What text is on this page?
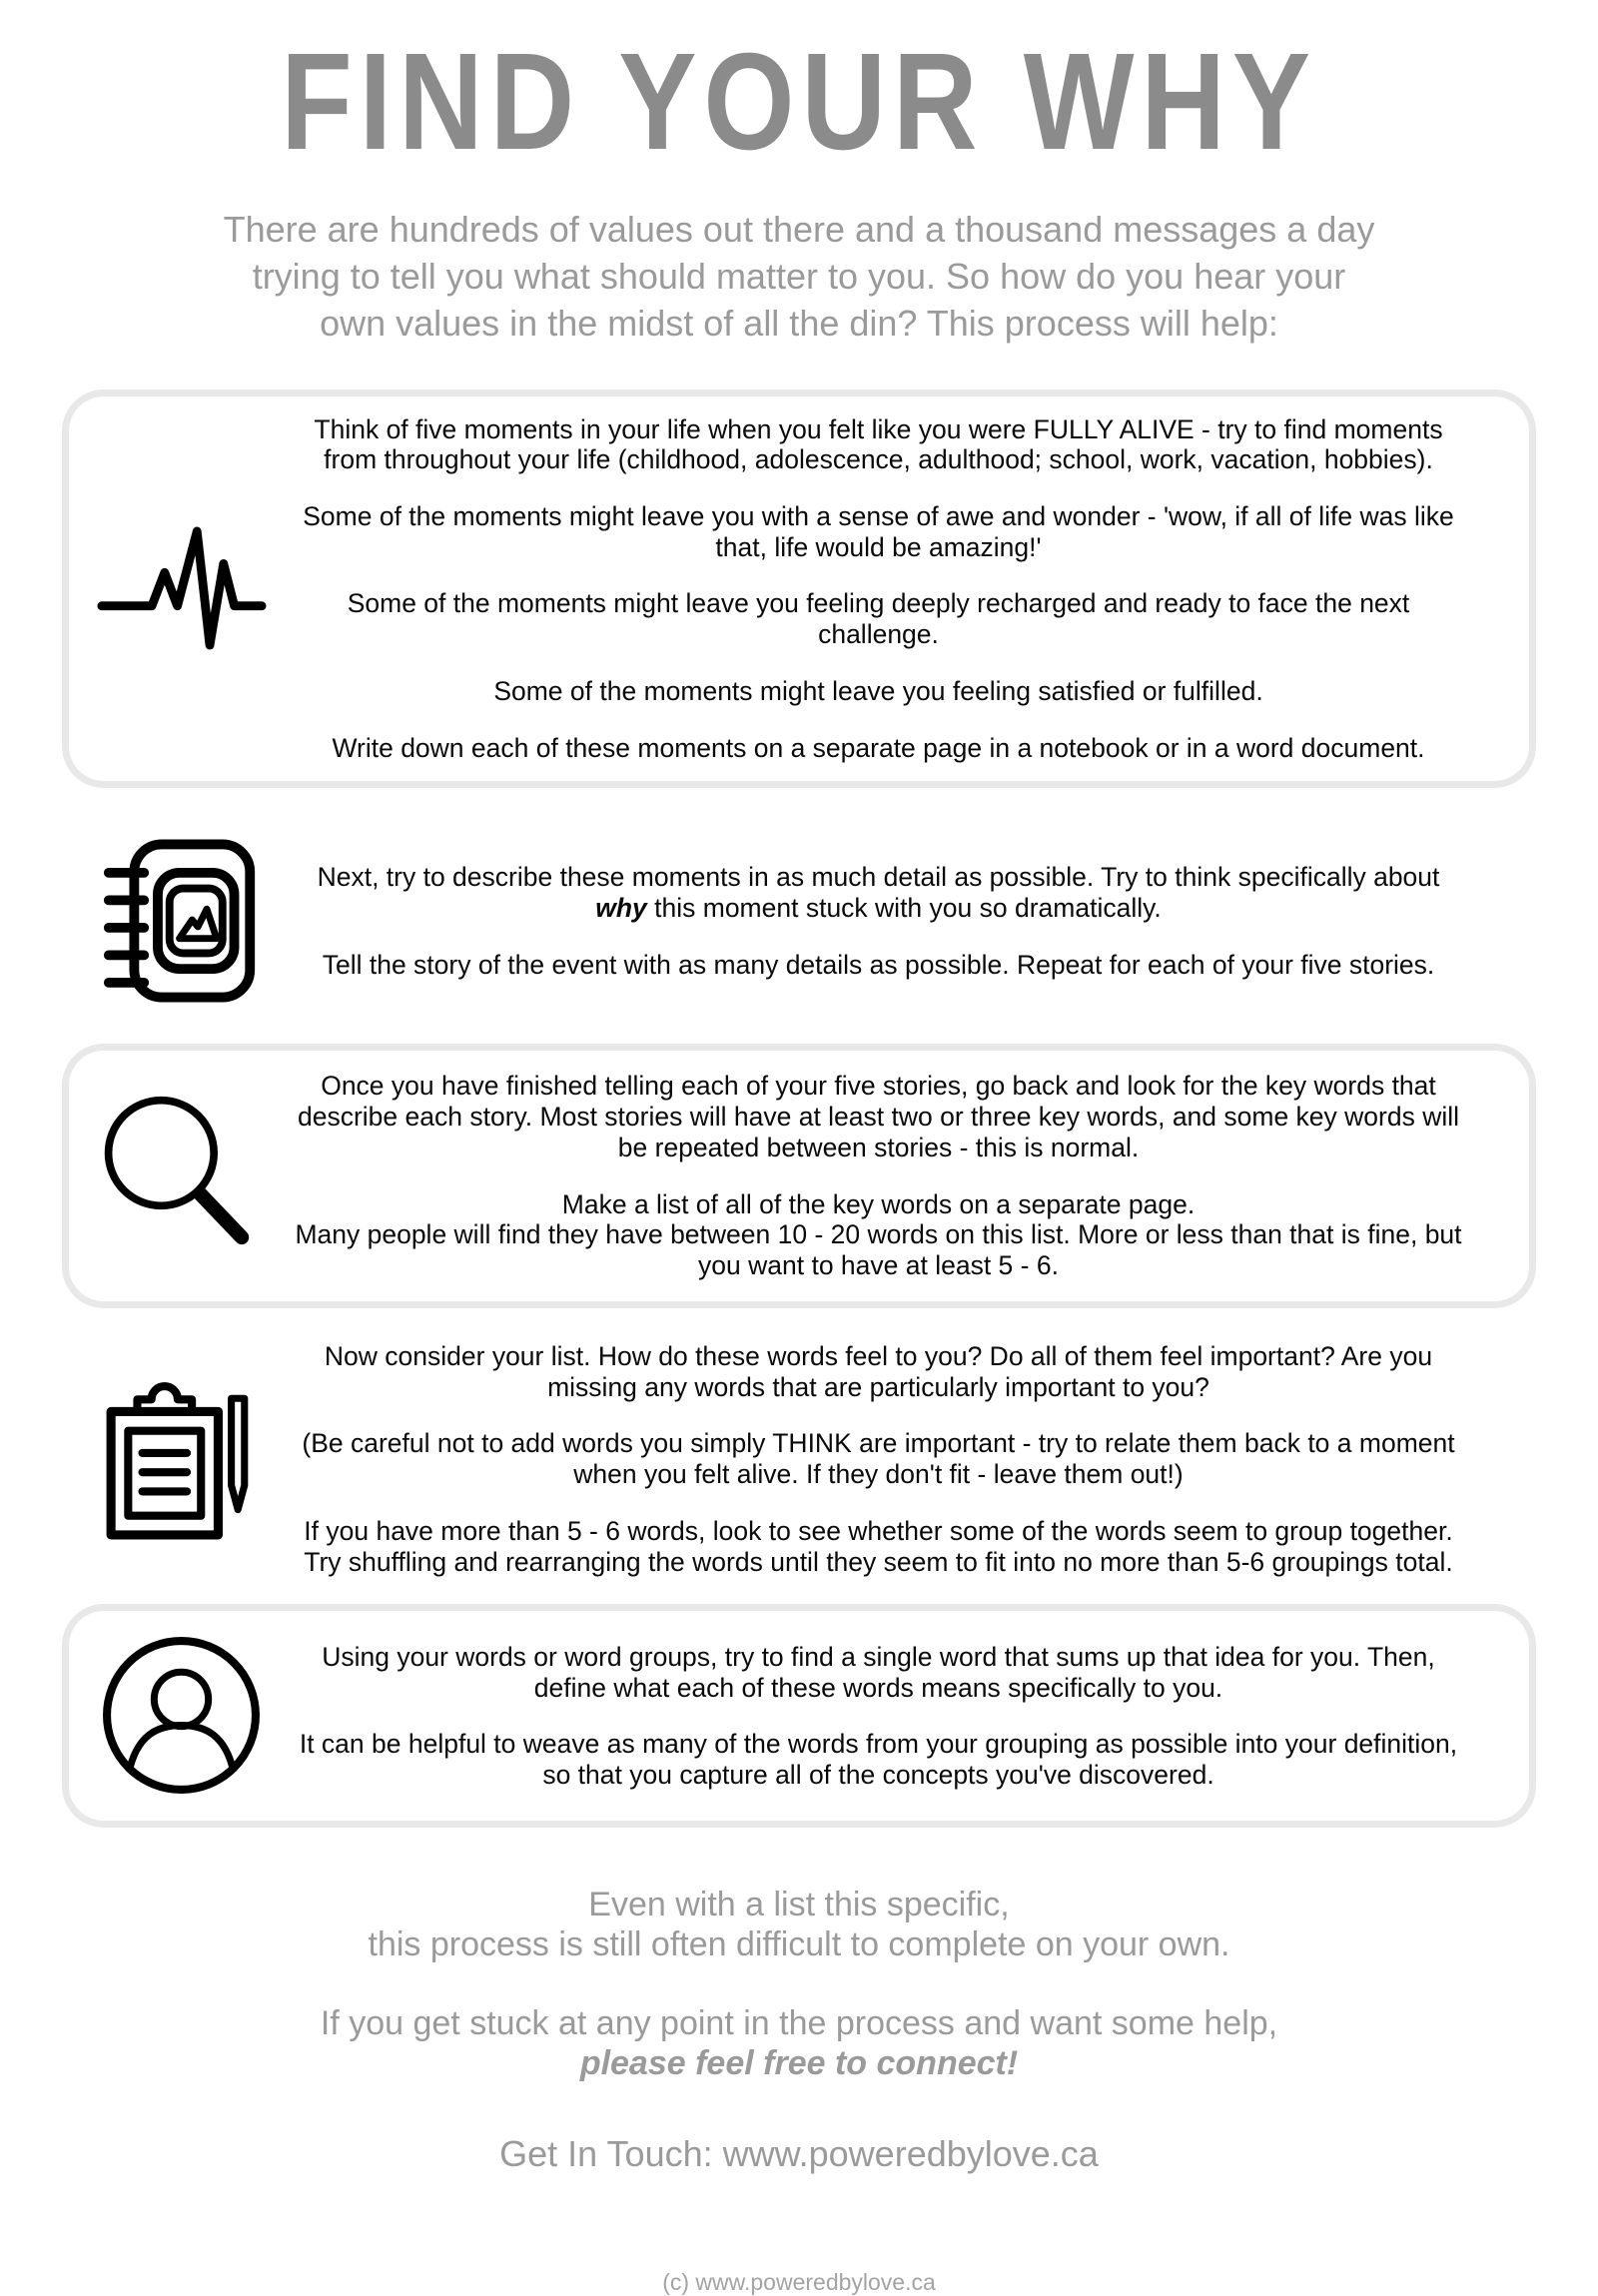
FIND YOUR WHY

There are hundreds of values out there and a thousand messages a day trying to tell you what should matter to you. So how do you hear your own values in the midst of all the din? This process will help:

Think of five moments in your life when you felt like you were FULLY ALIVE - try to find moments from throughout your life (childhood, adolescence, adulthood; school, work, vacation, hobbies).

Some of the moments might leave you with a sense of awe and wonder - 'wow, if all of life was like that, life would be amazing!'

Some of the moments might leave you feeling deeply recharged and ready to face the next challenge.

Some of the moments might leave you feeling satisfied or fulfilled.

Write down each of these moments on a separate page in a notebook or in a word document.

Next, try to describe these moments in as much detail as possible. Try to think specifically about why this moment stuck with you so dramatically.

Tell the story of the event with as many details as possible. Repeat for each of your five stories.

Once you have finished telling each of your five stories, go back and look for the key words that describe each story. Most stories will have at least two or three key words, and some key words will be repeated between stories - this is normal.

Make a list of all of the key words on a separate page.

Many people will find they have between 10 - 20 words on this list. More or less than that is fine, but you want to have at least 5 - 6.

Now consider your list. How do these words feel to you? Do all of them feel important? Are you missing any words that are particularly important to you?

(Be careful not to add words you simply THINK are important - try to relate them back to a moment when you felt alive. If they don't fit - leave them out!)

If you have more than 5 - 6 words, look to see whether some of the words seem to group together. Try shuffling and rearranging the words until they seem to fit into no more than 5-6 groupings total.

Using your words or word groups, try to find a single word that sums up that idea for you. Then, define what each of these words means specifically to you.

It can be helpful to weave as many of the words from your grouping as possible into your definition, so that you capture all of the concepts you've discovered.

Even with a list this specific,
this process is still often difficult to complete on your own.
If you get stuck at any point in the process and want some help,
please feel free to connect!
Get In Touch: www.poweredbylove.ca
(c) www.poweredbylove.ca
